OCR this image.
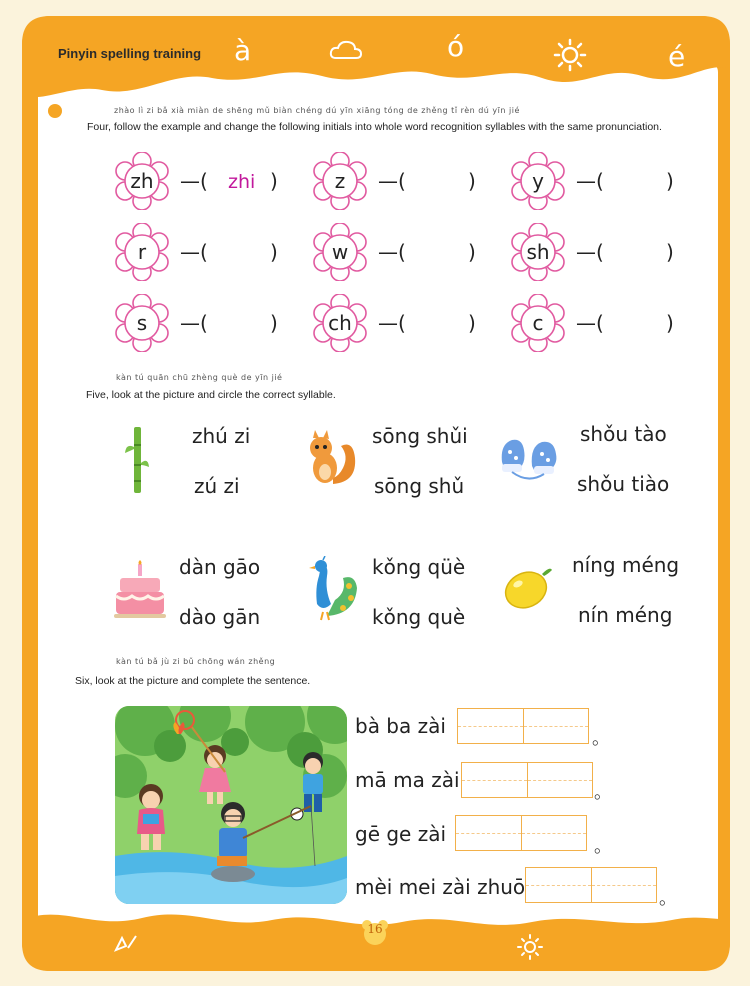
Pinyin spelling training à	ó	é
zhào lì zi bǎ xià miàn de shēng mǔ biàn chéng dú yīn xiāng tóng de zhěng tǐ rèn dú yīn jié
Four, follow the example and change the following initials into whole word recognition syllables with the same pronunciation.
zh	—( zhi )	z	—(	)	y	—(	)
r	—(	)	w	—(	)	sh	—(	)
s	—(	)	ch	—(	)	c	—(	)
kàn tú quān chū zhèng què de yīn jié
Five, look at the picture and circle the correct syllable.
zhú zi
zú zi
sōng shǔi
sōng shǔ
shǒu tào
shǒu tiào
dàn gāo
dào gān
kǒng qüè
kǒng què
níng méng
nín méng
kàn tú bǎ jù zi bǔ chōng wán zhěng
Six, look at the picture and complete the sentence.
bà ba zài
。
mā ma zài
。
gē ge zài
。
mèi mei zài zhuō	。
16
